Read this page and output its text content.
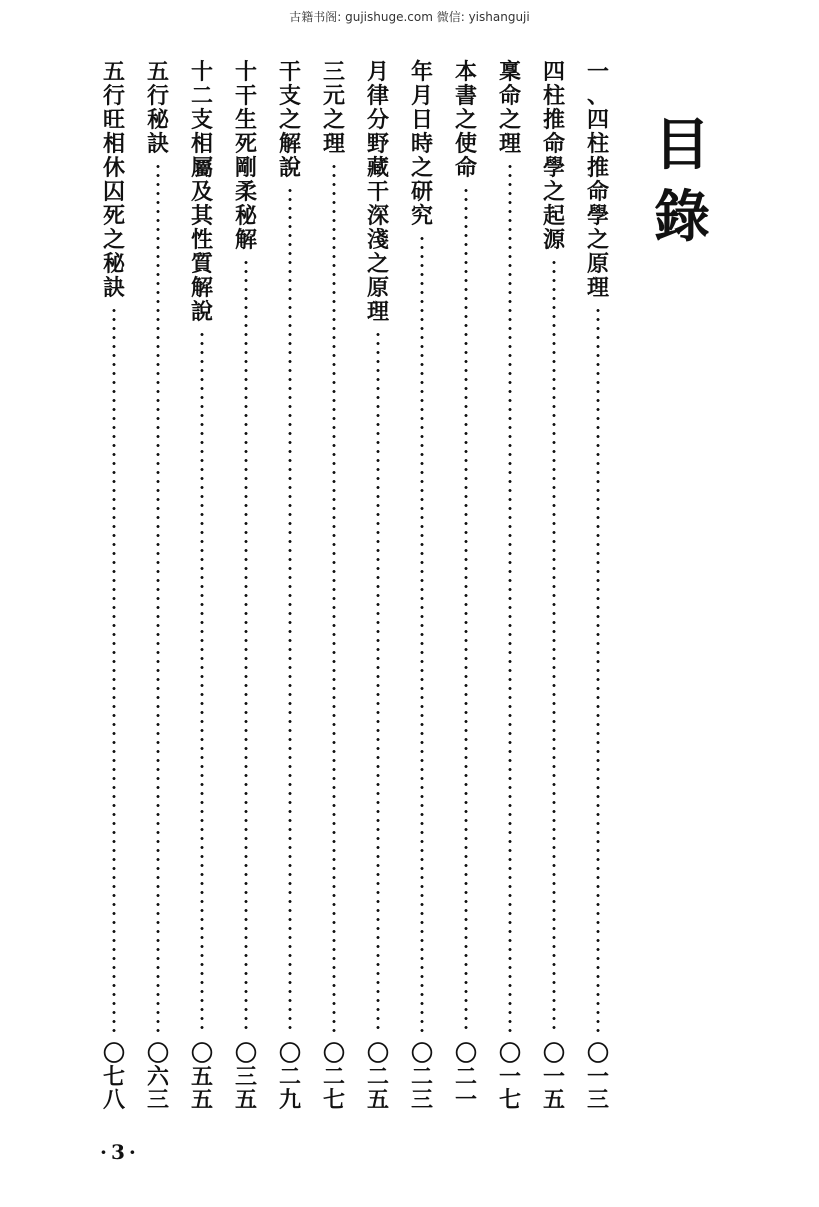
古籍书阁: gujishuge.com 微信: yishanguji
目
錄
一
、
四
柱
推
命
學
之
原
理
〇
一
三
四
柱
推
命
學
之
起
源
〇
一
五
稟
命
之
理
〇
一
七
本
書
之
使
命
〇
二
一
年
月
日
時
之
研
究
〇
二
三
月
律
分
野
藏
干
深
淺
之
原
理
〇
二
五
三
元
之
理
〇
二
七
干
支
之
解
說
〇
二
九
十
干
生
死
剛
柔
秘
解
〇
三
五
十
二
支
相
屬
及
其
性
質
解
說
〇
五
五
五
行
秘
訣
〇
六
三
五
行
旺
相
休
囚
死
之
秘
訣
〇
七
八
·3·
